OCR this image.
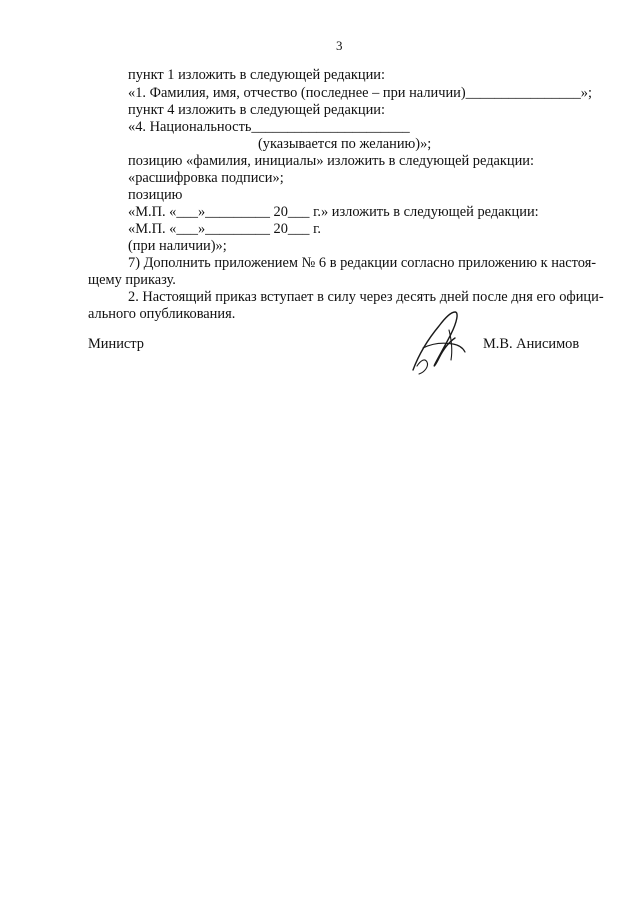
3
пункт 1 изложить в следующей редакции:
«1. Фамилия, имя, отчество (последнее – при наличии)________________»;
пункт 4 изложить в следующей редакции:
«4. Национальность______________________
(указывается по желанию)»;
позицию «фамилия, инициалы» изложить в следующей редакции:
«расшифровка подписи»;
позицию
«М.П. «___»_________ 20___ г.» изложить в следующей редакции:
«М.П. «___»_________ 20___ г.
(при наличии)»;
7) Дополнить приложением № 6 в редакции согласно приложению к настоя-
щему приказу.
2. Настоящий приказ вступает в силу через десять дней после дня его офици-
ального опубликования.
Министр	М.В. Анисимов
